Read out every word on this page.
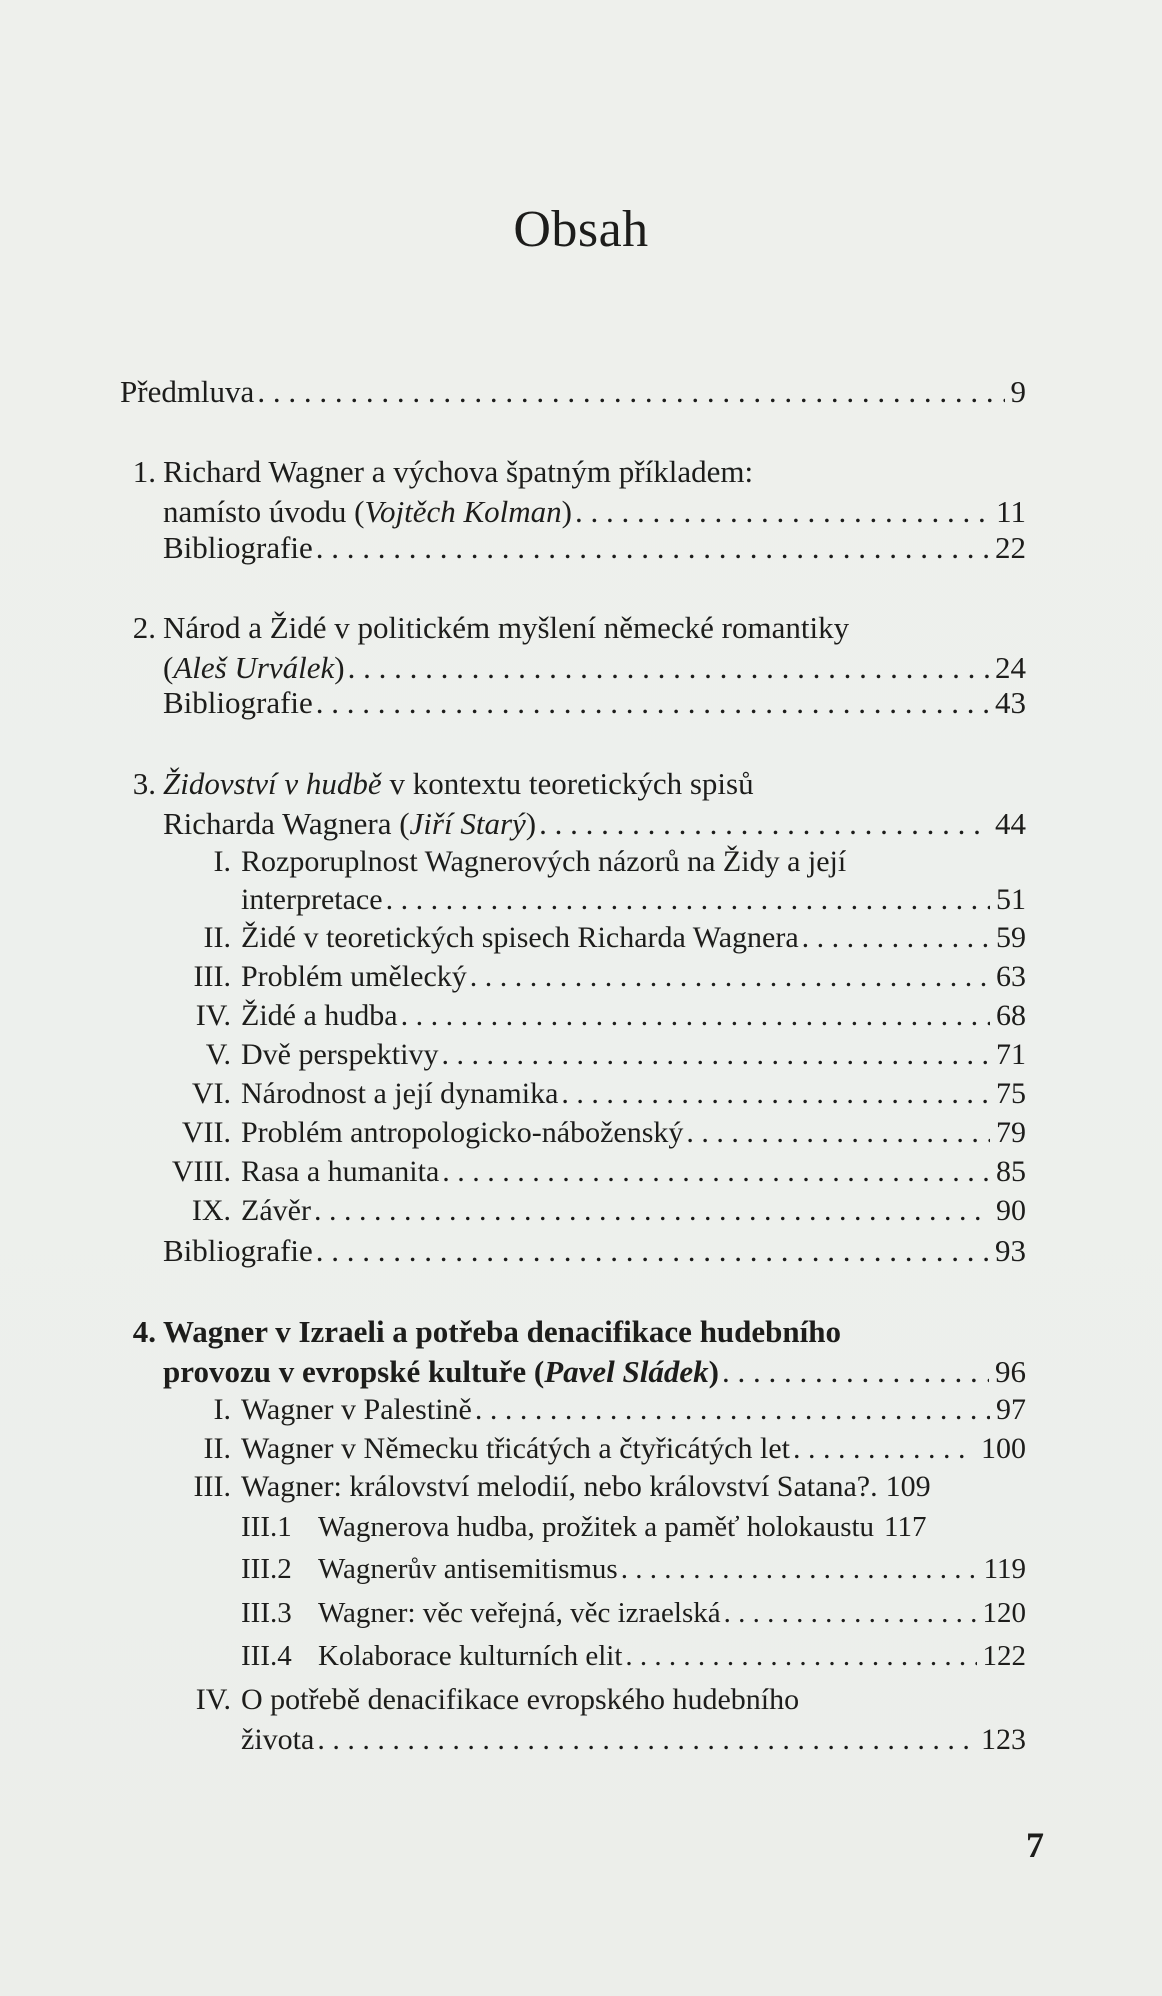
Obsah
Předmluva . . .	9
1. Richard Wagner a výchova špatným příkladem:
namísto úvodu (Vojtěch Kolman) . . .	11
Bibliografie . . .	22
2. Národ a Židé v politickém myšlení německé romantiky
(Aleš Urválek) . . .	24
Bibliografie . . .	43
3. Židovství v hudbě v kontextu teoretických spisů
Richarda Wagnera (Jiří Starý) . . .	44
I. Rozporuplnost Wagnerových názorů na Židy a její
interpretace . . .	51
II. Židé v teoretických spisech Richarda Wagnera . . .	59
III. Problém umělecký . . .	63
IV. Židé a hudba . . .	68
V. Dvě perspektivy . . .	71
VI. Národnost a její dynamika . . .	75
VII. Problém antropologicko-náboženský . . .	79
VIII. Rasa a humanita . . .	85
IX. Závěr . . .	90
Bibliografie . . .	93
4. Wagner v Izraeli a potřeba denacifikace hudebního
provozu v evropské kultuře (Pavel Sládek) . . .	96
I. Wagner v Palestině . . .	97
II. Wagner v Německu třicátých a čtyřicátých let . . .	100
III. Wagner: království melodií, nebo království Satana?. 109
III.1 Wagnerova hudba, prožitek a paměť holokaustu 117
III.2 Wagnerův antisemitismus . . .	119
III.3 Wagner: věc veřejná, věc izraelská . . .	120
III.4 Kolaborace kulturních elit . . .	122
IV. O potřebě denacifikace evropského hudebního
života . . .	123
7
